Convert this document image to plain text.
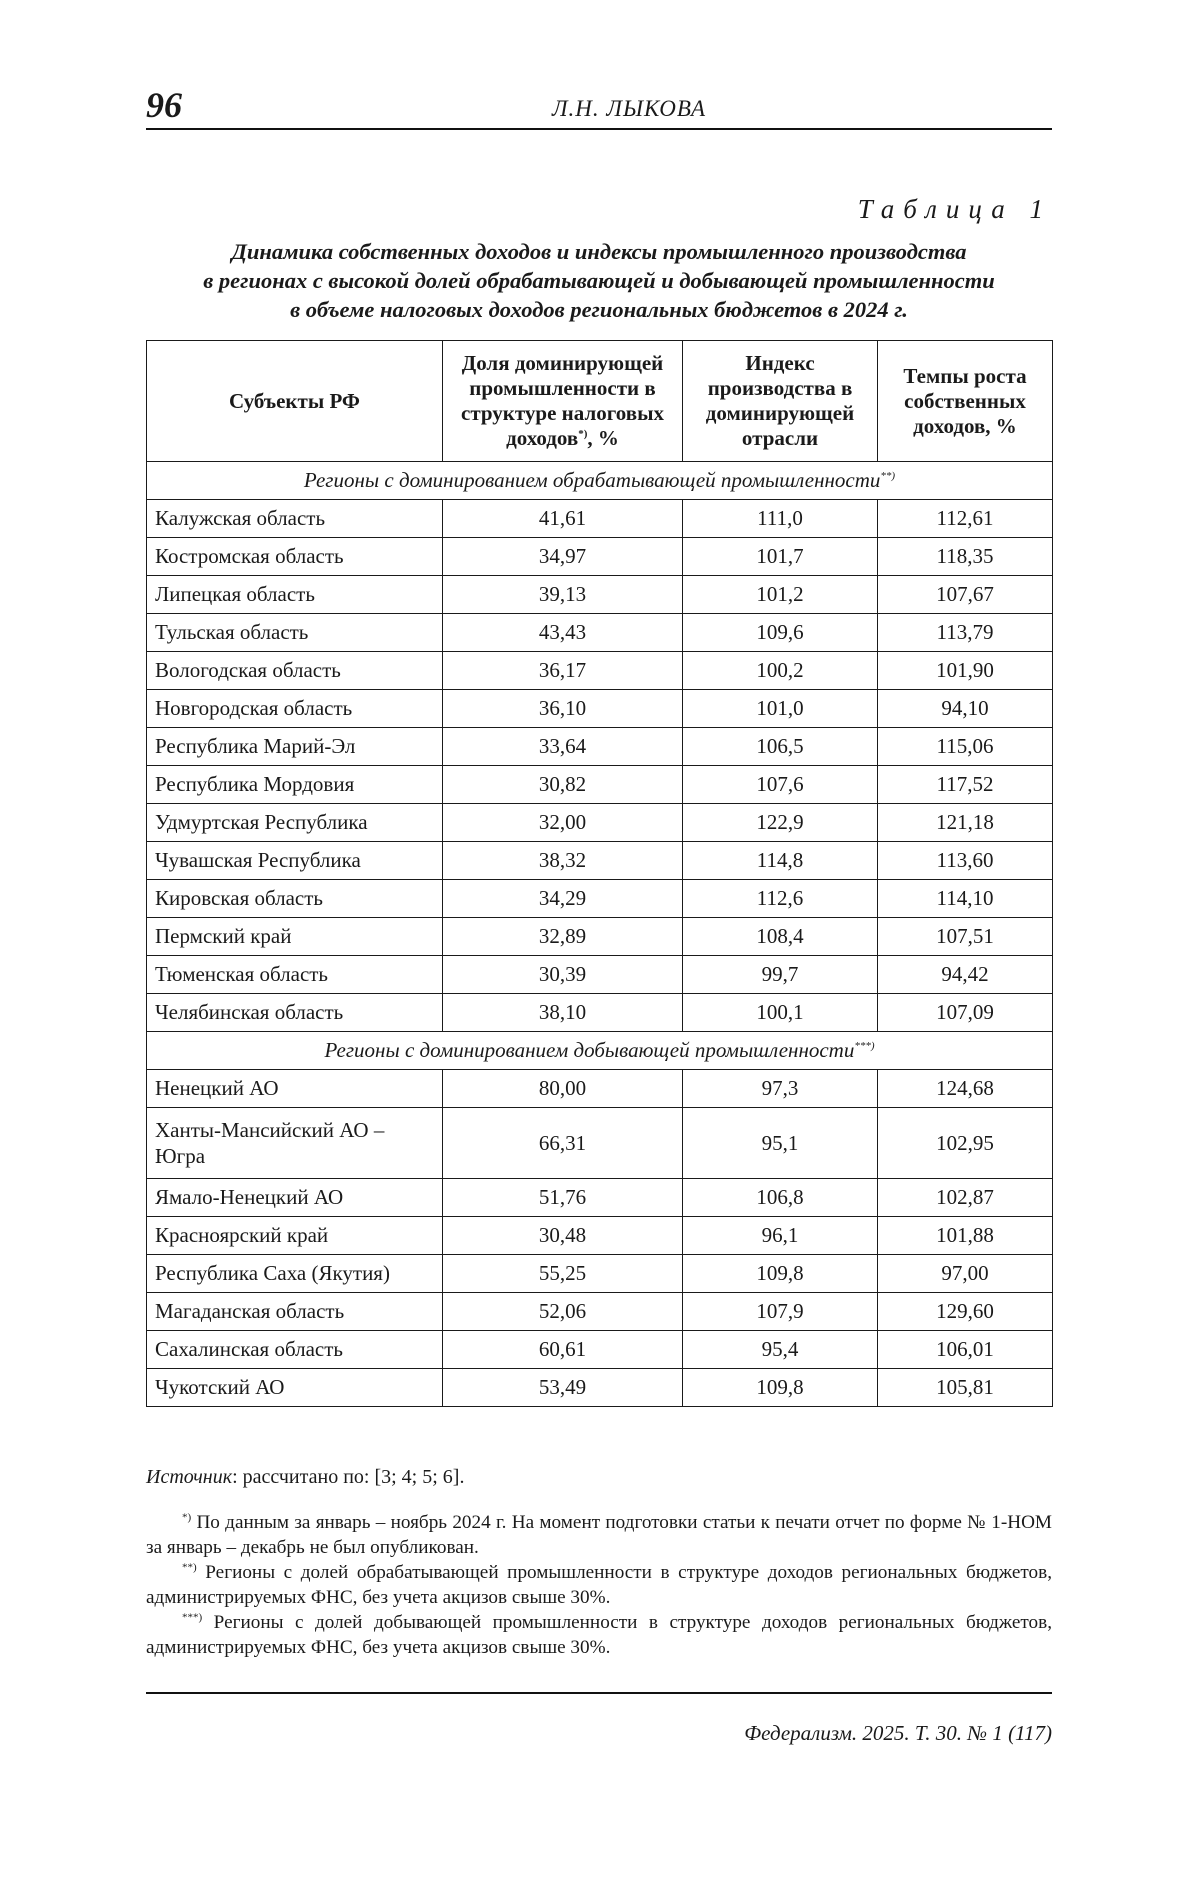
96	Л.Н. ЛЫКОВА
Таблица 1
Динамика собственных доходов и индексы промышленного производства
в регионах с высокой долей обрабатывающей и добывающей промышленности
в объеме налоговых доходов региональных бюджетов в 2024 г.
Субъекты РФ	Доля доминирующей промышленности в структуре налоговых доходов*), %	Индекс производства в доминирующей отрасли	Темпы роста собственных доходов, %
Регионы с доминированием обрабатывающей промышленности**)
Калужская область	41,61	111,0	112,61
Костромская область	34,97	101,7	118,35
Липецкая область	39,13	101,2	107,67
Тульская область	43,43	109,6	113,79
Вологодская область	36,17	100,2	101,90
Новгородская область	36,10	101,0	94,10
Республика Марий-Эл	33,64	106,5	115,06
Республика Мордовия	30,82	107,6	117,52
Удмуртская Республика	32,00	122,9	121,18
Чувашская Республика	38,32	114,8	113,60
Кировская область	34,29	112,6	114,10
Пермский край	32,89	108,4	107,51
Тюменская область	30,39	99,7	94,42
Челябинская область	38,10	100,1	107,09
Регионы с доминированием добывающей промышленности***)
Ненецкий АО	80,00	97,3	124,68
Ханты-Мансийский АО – Югра	66,31	95,1	102,95
Ямало-Ненецкий АО	51,76	106,8	102,87
Красноярский край	30,48	96,1	101,88
Республика Саха (Якутия)	55,25	109,8	97,00
Магаданская область	52,06	107,9	129,60
Сахалинская область	60,61	95,4	106,01
Чукотский АО	53,49	109,8	105,81
Источник: рассчитано по: [3; 4; 5; 6].

*) По данным за январь – ноябрь 2024 г. На момент подготовки статьи к печати отчет по форме № 1-НОМ за январь – декабрь не был опубликован.

**) Регионы с долей обрабатывающей промышленности в структуре доходов региональных бюджетов, администрируемых ФНС, без учета акцизов свыше 30%.

***) Регионы с долей добывающей промышленности в структуре доходов региональных бюджетов, администрируемых ФНС, без учета акцизов свыше 30%.

Федерализм. 2025. Т. 30. № 1 (117)
